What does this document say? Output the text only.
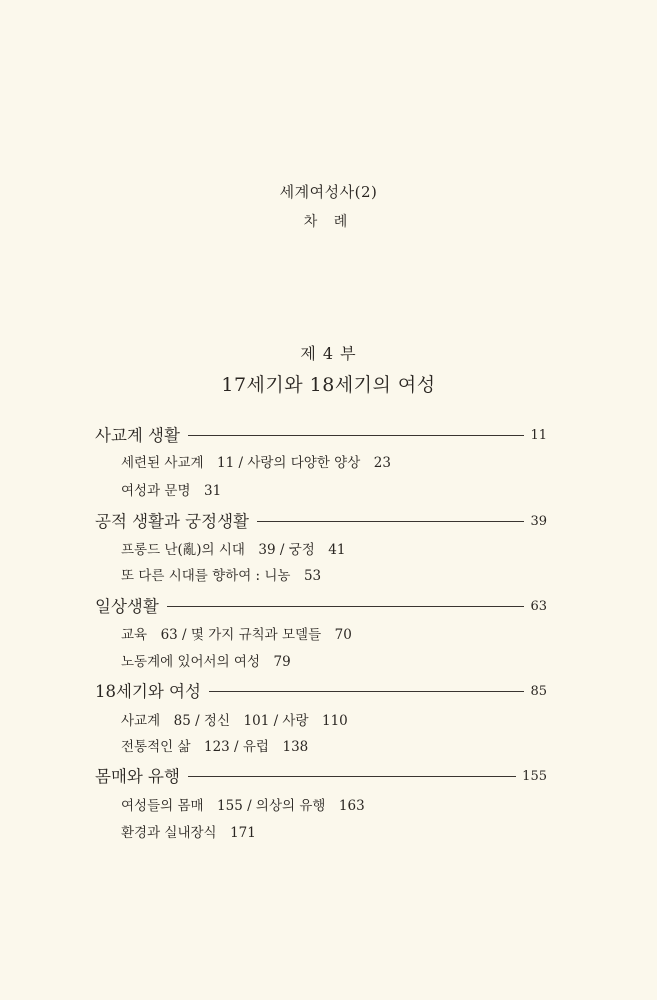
세계여성사(2)
차 례
제 4 부
17세기와 18세기의 여성
사교계 생활	11
세련된 사교계　11 / 사랑의 다양한 양상　23
여성과 문명　31
공적 생활과 궁정생활	39
프롱드 난(亂)의 시대　39 / 궁정　41
또 다른 시대를 향하여 : 니농　53
일상생활	63
교육　63 / 몇 가지 규칙과 모델들　70
노동계에 있어서의 여성　79
18세기와 여성	85
사교계　85 / 정신　101 / 사랑　110
전통적인 삶　123 / 유럽　138
몸매와 유행	155
여성들의 몸매　155 / 의상의 유행　163
환경과 실내장식　171
